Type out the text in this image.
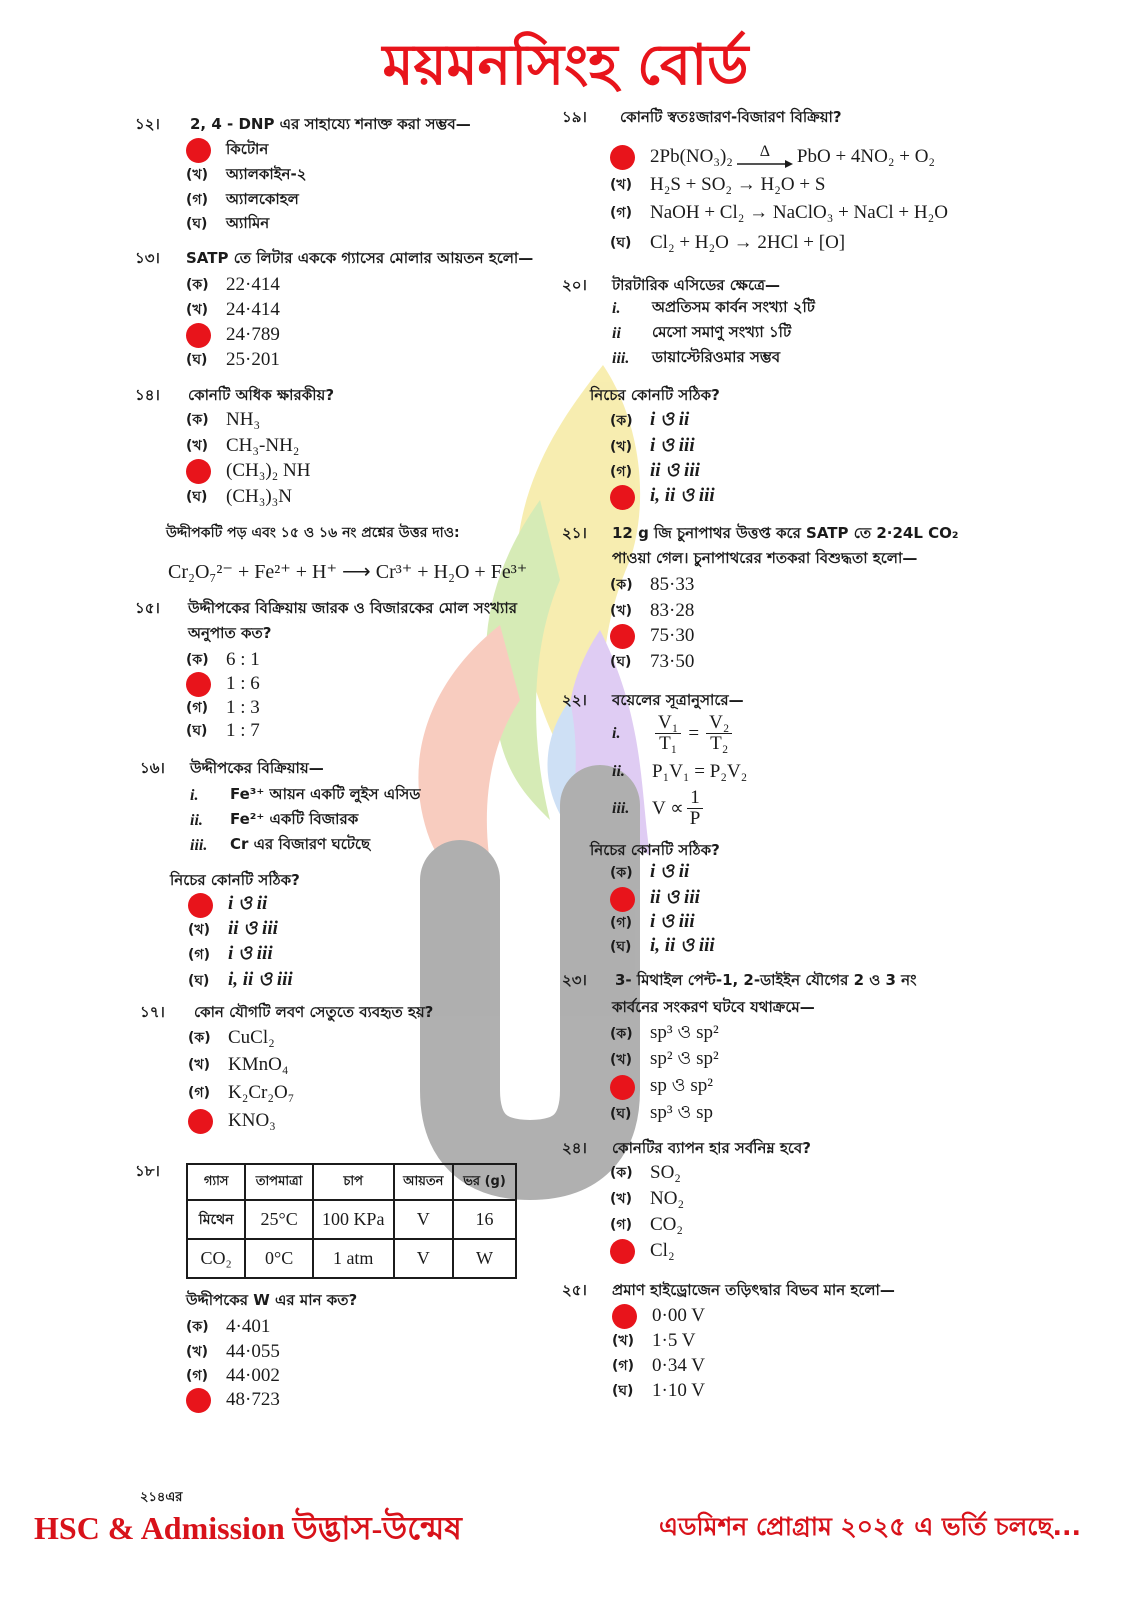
ময়মনসিংহ বোর্ড
১২। 2, 4 - DNP এর সাহায্যে শনাক্ত করা সম্ভব—
কিটোন
(খ)	অ্যালকাইন-২
(গ)	অ্যালকোহল
(ঘ)	অ্যামিন
১৩। SATP তে লিটার এককে গ্যাসের মোলার আয়তন হলো—
(ক) 22·414
(খ) 24·414
24·789
(ঘ) 25·201
১৪। কোনটি অধিক ক্ষারকীয়?
(ক) NH₃
(খ) CH₃-NH₂
(CH₃)₂ NH
(ঘ) (CH₃)₃N
উদ্দীপকটি পড় এবং ১৫ ও ১৬ নং প্রশ্নের উত্তর দাও:
Cr₂O₇²⁻ + Fe²⁺ + H⁺ ⟶ Cr³⁺ + H₂O + Fe³⁺
১৫। উদ্দীপকের বিক্রিয়ায় জারক ও বিজারকের মোল সংখ্যার
অনুপাত কত?
(ক) 6 : 1
1 : 6
(গ) 1 : 3
(ঘ) 1 : 7
১৬। উদ্দীপকের বিক্রিয়ায়—
i.	Fe³⁺ আয়ন একটি লুইস এসিড
ii.	Fe²⁺ একটি বিজারক
iii.	Cr এর বিজারণ ঘটেছে
নিচের কোনটি সঠিক?
i ও ii
(খ) ii ও iii
(গ) i ও iii
(ঘ) i, ii ও iii
১৭। কোন যৌগটি লবণ সেতুতে ব্যবহৃত হয়?
(ক) CuCl₂
(খ) KMnO₄
(গ) K₂Cr₂O₇
KNO₃
১৮।
গ্যাস	তাপমাত্রা	চাপ	আয়তন	ভর (g)
মিথেন	25°C	100 KPa	V	16
CO₂	0°C	1 atm	V	W
উদ্দীপকের W এর মান কত?
(ক) 4·401
(খ) 44·055
(গ) 44·002
48·723
১৯। কোনটি স্বতঃজারণ-বিজারণ বিক্রিয়া?
2Pb(NO₃)₂ Δ PbO + 4NO₂ + O₂
(খ) H₂S + SO₂ → H₂O + S
(গ) NaOH + Cl₂ → NaClO₃ + NaCl + H₂O
(ঘ) Cl₂ + H₂O → 2HCl + [O]
২০। টারটারিক এসিডের ক্ষেত্রে—
i.	অপ্রতিসম কার্বন সংখ্যা ২টি
ii	মেসো সমাণু সংখ্যা ১টি
iii.	ডায়াস্টেরিওমার সম্ভব
নিচের কোনটি সঠিক?
(ক) i ও ii
(খ) i ও iii
(গ) ii ও iii
i, ii ও iii
২১। 12 g জি চুনাপাথর উত্তপ্ত করে SATP তে 2·24L CO₂
পাওয়া গেল। চুনাপাথরের শতকরা বিশুদ্ধতা হলো—
(ক) 85·33
(খ) 83·28
75·30
(ঘ) 73·50
২২। বয়েলের সূত্রানুসারে—
i.	$\frac{\text{V₁}}{\text{T₁}} = \frac{\text{V₂}}{\text{T₂}}$
ii.	P₁V₁ = P₂V₂
iii.	$V \propto \frac{1}{P}$
নিচের কোনটি সঠিক?
(ক) i ও ii
ii ও iii
(গ) i ও iii
(ঘ) i, ii ও iii
২৩। 3- মিথাইল পেন্ট-1, 2-ডাইইন যৌগের 2 ও 3 নং
কার্বনের সংকরণ ঘটবে যথাক্রমে—
(ক) sp³ ও sp²
(খ) sp² ও sp²
sp ও sp²
(ঘ) sp³ ও sp
২৪। কোনটির ব্যাপন হার সর্বনিম্ন হবে?
(ক) SO₂
(খ) NO₂
(গ) CO₂
Cl₂
২৫। প্রমাণ হাইড্রোজেন তড়িৎদ্বার বিভব মান হলো—
0·00 V
(খ) 1·5 V
(গ) 0·34 V
(ঘ) 1·10 V
২১৪এর
HSC & Admission উদ্ভাস-উন্মেষ	এডমিশন প্রোগ্রাম ২০২৫ এ ভর্তি চলছে...
